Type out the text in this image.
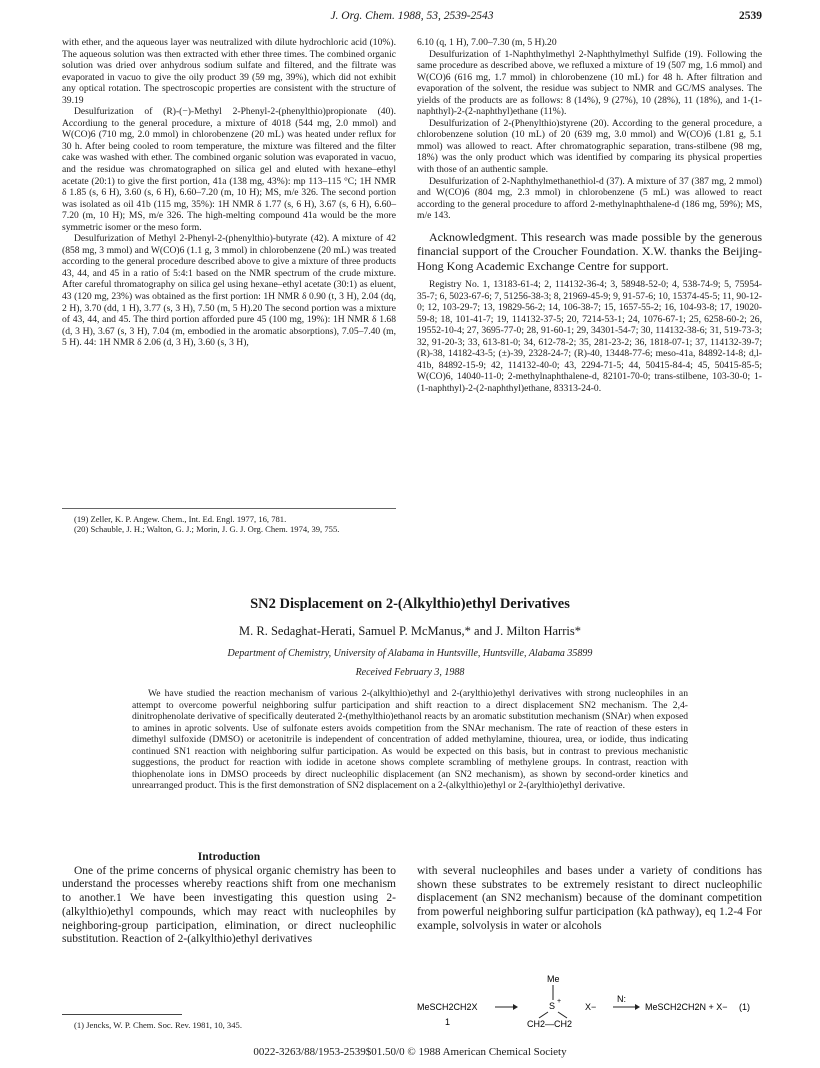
J. Org. Chem. 1988, 53, 2539-2543	2539

with ether, and the aqueous layer was neutralized with dilute hydrochloric acid (10%). The aqueous solution was then extracted with ether three times. The combined organic solution was dried over anhydrous sodium sulfate and filtered, and the filtrate was evaporated in vacuo to give the oily product 39 (59 mg, 39%), which did not exhibit any optical rotation. The spectroscopic properties are consistent with the structure of 39.19

Desulfurization of (R)-(−)-Methyl 2-Phenyl-2-(phenylthio)propionate (40). Accordiung to the general procedure, a mixture of 4018 (544 mg, 2.0 mmol) and W(CO)6 (710 mg, 2.0 mmol) in chlorobenzene (20 mL) was heated under reflux for 30 h. After being cooled to room temperature, the mixture was filtered and the filter cake was washed with ether. The combined organic solution was evaporated in vacuo, and the residue was chromatographed on silica gel and eluted with hexane–ethyl acetate (20:1) to give the first portion, 41a (138 mg, 43%): mp 113–115 °C; 1H NMR δ 1.85 (s, 6 H), 3.60 (s, 6 H), 6.60–7.20 (m, 10 H); MS, m/e 326. The second portion was isolated as oil 41b (115 mg, 35%): 1H NMR δ 1.77 (s, 6 H), 3.67 (s, 6 H), 6.60–7.20 (m, 10 H); MS, m/e 326. The high-melting compound 41a would be the more symmetric isomer or the meso form.

Desulfurization of Methyl 2-Phenyl-2-(phenylthio)-butyrate (42). A mixture of 42 (858 mg, 3 mmol) and W(CO)6 (1.1 g, 3 mmol) in chlorobenzene (20 mL) was treated according to the general procedure described above to give a mixture of three products 43, 44, and 45 in a ratio of 5:4:1 based on the NMR spectrum of the crude mixture. After careful thromatography on silica gel using hexane–ethyl acetate (30:1) as eluent, 43 (120 mg, 23%) was obtained as the first portion: 1H NMR δ 0.90 (t, 3 H), 2.04 (dq, 2 H), 3.70 (dd, 1 H), 3.77 (s, 3 H), 7.50 (m, 5 H).20 The second portion was a mixture of 43, 44, and 45. The third portion afforded pure 45 (100 mg, 19%): 1H NMR δ 1.68 (d, 3 H), 3.67 (s, 3 H), 7.04 (m, embodied in the aromatic absorptions), 7.05–7.40 (m, 5 H). 44: 1H NMR δ 2.06 (d, 3 H), 3.60 (s, 3 H),

(19) Zeller, K. P. Angew. Chem., Int. Ed. Engl. 1977, 16, 781.

(20) Schauble, J. H.; Walton, G. J.; Morin, J. G. J. Org. Chem. 1974, 39, 755.

6.10 (q, 1 H), 7.00–7.30 (m, 5 H).20

Desulfurization of 1-Naphthylmethyl 2-Naphthylmethyl Sulfide (19). Following the same procedure as described above, we refluxed a mixture of 19 (507 mg, 1.6 mmol) and W(CO)6 (616 mg, 1.7 mmol) in chlorobenzene (10 mL) for 48 h. After filtration and evaporation of the solvent, the residue was subject to NMR and GC/MS analyses. The yields of the products are as follows: 8 (14%), 9 (27%), 10 (28%), 11 (18%), and 1-(1-naphthyl)-2-(2-naphthyl)ethane (11%).

Desulfurization of 2-(Phenylthio)styrene (20). According to the general procedure, a chlorobenzene solution (10 mL) of 20 (639 mg, 3.0 mmol) and W(CO)6 (1.81 g, 5.1 mmol) was allowed to react. After chromatographic separation, trans-stilbene (98 mg, 18%) was the only product which was identified by comparing its physical properties with those of an authentic sample.

Desulfurization of 2-Naphthylmethanethiol-d (37). A mixture of 37 (387 mg, 2 mmol) and W(CO)6 (804 mg, 2.3 mmol) in chlorobenzene (5 mL) was allowed to react according to the general procedure to afford 2-methylnaphthalene-d (186 mg, 59%); MS, m/e 143.

Acknowledgment. This research was made possible by the generous financial support of the Croucher Foundation. X.W. thanks the Beijing-Hong Kong Academic Exchange Centre for support.

Registry No. 1, 13183-61-4; 2, 114132-36-4; 3, 58948-52-0; 4, 538-74-9; 5, 75954-35-7; 6, 5023-67-6; 7, 51256-38-3; 8, 21969-45-9; 9, 91-57-6; 10, 15374-45-5; 11, 90-12-0; 12, 103-29-7; 13, 19829-56-2; 14, 106-38-7; 15, 1657-55-2; 16, 104-93-8; 17, 19020-59-8; 18, 101-41-7; 19, 114132-37-5; 20, 7214-53-1; 24, 1076-67-1; 25, 6258-60-2; 26, 19552-10-4; 27, 3695-77-0; 28, 91-60-1; 29, 34301-54-7; 30, 114132-38-6; 31, 519-73-3; 32, 91-20-3; 33, 613-81-0; 34, 612-78-2; 35, 281-23-2; 36, 1818-07-1; 37, 114132-39-7; (R)-38, 14182-43-5; (±)-39, 2328-24-7; (R)-40, 13448-77-6; meso-41a, 84892-14-8; d,l-41b, 84892-15-9; 42, 114132-40-0; 43, 2294-71-5; 44, 50415-84-4; 45, 50415-85-5; W(CO)6, 14040-11-0; 2-methylnaphthalene-d, 82101-70-0; trans-stilbene, 103-30-0; 1-(1-naphthyl)-2-(2-naphthyl)ethane, 83313-24-0.

SN2 Displacement on 2-(Alkylthio)ethyl Derivatives
M. R. Sedaghat-Herati, Samuel P. McManus,* and J. Milton Harris*
Department of Chemistry, University of Alabama in Huntsville, Huntsville, Alabama 35899
Received February 3, 1988
We have studied the reaction mechanism of various 2-(alkylthio)ethyl and 2-(arylthio)ethyl derivatives with strong nucleophiles in an attempt to overcome powerful neighboring sulfur participation and shift reaction to a direct displacement SN2 mechanism. The 2,4-dinitrophenolate derivative of specifically deuterated 2-(methylthio)ethanol reacts by an aromatic substitution mechanism (SNAr) when exposed to amines in aprotic solvents. Use of sulfonate esters avoids competition from the SNAr mechanism. The rate of reaction of these esters in dimethyl sulfoxide (DMSO) or acetonitrile is independent of concentration of added methylamine, thiourea, urea, or iodide, thus indicating continued SN1 reaction with neighboring sulfur participation. As would be expected on this basis, but in contrast to previous mechanistic suggestions, the product for reaction with iodide in acetone shows complete scrambling of methylene groups. In contrast, reaction with thiophenolate ions in DMSO proceeds by direct nucleophilic displacement (an SN2 mechanism), as shown by second-order kinetics and unrearranged product. This is the first demonstration of SN2 displacement on a 2-(alkylthio)ethyl or 2-(arylthio)ethyl derivative.
Introduction

One of the prime concerns of physical organic chemistry has been to understand the processes whereby reactions shift from one mechanism to another.1 We have been investigating this question using 2-(alkylthio)ethyl compounds, which may react with nucleophiles by neighboring-group participation, elimination, or direct nucleophilic substitution. Reaction of 2-(alkylthio)ethyl derivatives

with several nucleophiles and bases under a variety of conditions has shown these substrates to be extremely resistant to direct nucleophilic displacement (an SN2 mechanism) because of the dominant competition from powerful neighboring sulfur participation (kΔ pathway), eq 1.2-4 For example, solvolysis in water or alcohols

MeSCH2CH2X
1
Me
S +
CH2—CH2
X−
N:
MeSCH2CH2N + X− (1)
(1) Jencks, W. P. Chem. Soc. Rev. 1981, 10, 345.
0022-3263/88/1953-2539$01.50/0 © 1988 American Chemical Society
